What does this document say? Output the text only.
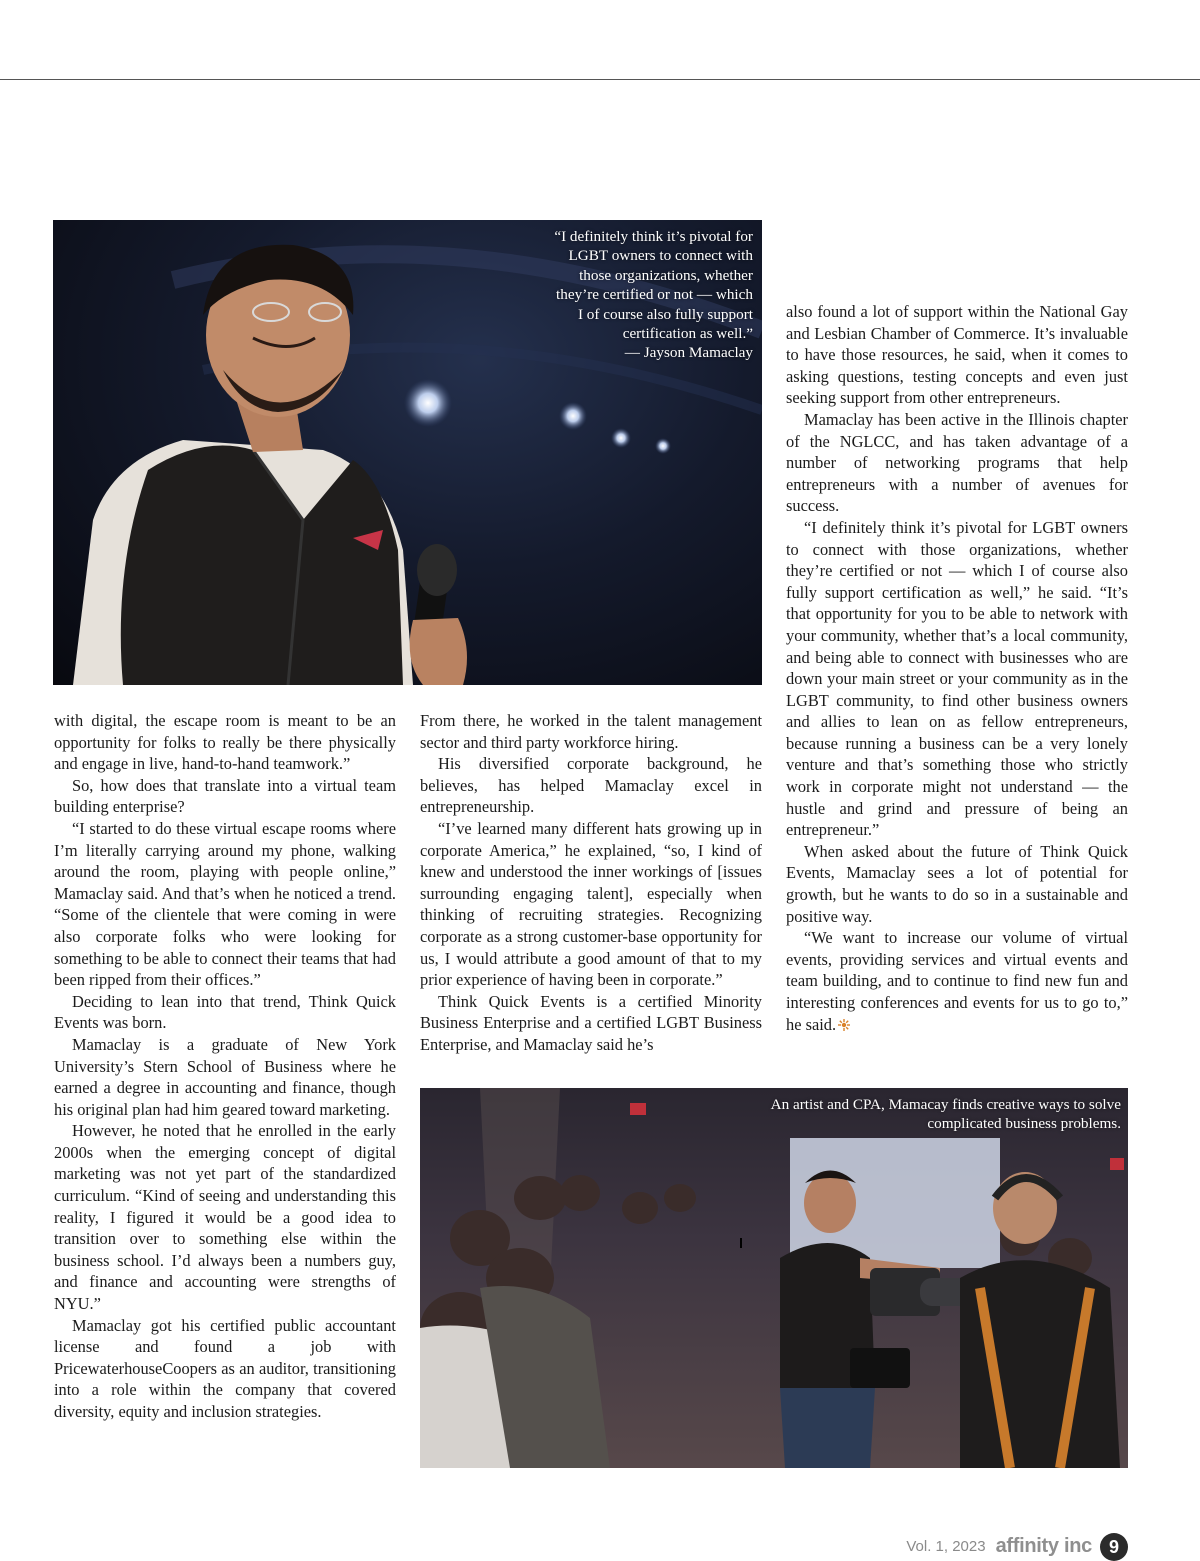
“I definitely think it’s pivotal for
LGBT owners to connect with
those organizations, whether
they’re certified or not — which
I of course also fully support
certification as well.”
— Jayson Mamaclay

with digital, the escape room is meant to be an opportunity for folks to really be there physically and engage in live, hand-to-hand teamwork.”

So, how does that translate into a virtual team building enterprise?

“I started to do these virtual escape rooms where I’m literally carrying around my phone, walking around the room, playing with people online,” Mamaclay said. And that’s when he noticed a trend. “Some of the clientele that were coming in were also corporate folks who were looking for something to be able to connect their teams that had been ripped from their offices.”

Deciding to lean into that trend, Think Quick Events was born.

Mamaclay is a graduate of New York University’s Stern School of Business where he earned a degree in accounting and finance, though his original plan had him geared toward marketing.

However, he noted that he enrolled in the early 2000s when the emerging concept of digital marketing was not yet part of the standardized curriculum. “Kind of seeing and understanding this reality, I figured it would be a good idea to transition over to something else within the business school. I’d always been a numbers guy, and finance and accounting were strengths of NYU.”

Mamaclay got his certified public accountant license and found a job with PricewaterhouseCoopers as an auditor, transitioning into a role within the company that covered diversity, equity and inclusion strategies.

From there, he worked in the talent management sector and third party workforce hiring.

His diversified corporate background, he believes, has helped Mamaclay excel in entrepreneurship.

“I’ve learned many different hats growing up in corporate America,” he explained, “so, I kind of knew and understood the inner workings of [issues surrounding engaging talent], especially when thinking of recruiting strategies. Recognizing corporate as a strong customer-base opportunity for us, I would attribute a good amount of that to my prior experience of having been in corporate.”

Think Quick Events is a certified Minority Business Enterprise and a certified LGBT Business Enterprise, and Mamaclay said he’s

also found a lot of support within the National Gay and Lesbian Chamber of Commerce. It’s invaluable to have those resources, he said, when it comes to asking questions, testing concepts and even just seeking support from other entrepreneurs.

Mamaclay has been active in the Illinois chapter of the NGLCC, and has taken advantage of a number of networking programs that help entrepreneurs with a number of avenues for success.

“I definitely think it’s pivotal for LGBT owners to connect with those organizations, whether they’re certified or not — which I of course also fully support certification as well,” he said. “It’s that opportunity for you to be able to network with your community, whether that’s a local community, and being able to connect with businesses who are down your main street or your community as in the LGBT community, to find other business owners and allies to lean on as fellow entrepreneurs, because running a business can be a very lonely venture and that’s something those who strictly work in corporate might not understand — the hustle and grind and pressure of being an entrepreneur.”

When asked about the future of Think Quick Events, Mamaclay sees a lot of potential for growth, but he wants to do so in a sustainable and positive way.

“We want to increase our volume of virtual events, providing services and virtual events and team building, and to continue to find new fun and interesting conferences and events for us to go to,” he said.

An artist and CPA, Mamacay finds creative ways to solve
complicated business problems.
Vol. 1, 2023 affinity inc 9
